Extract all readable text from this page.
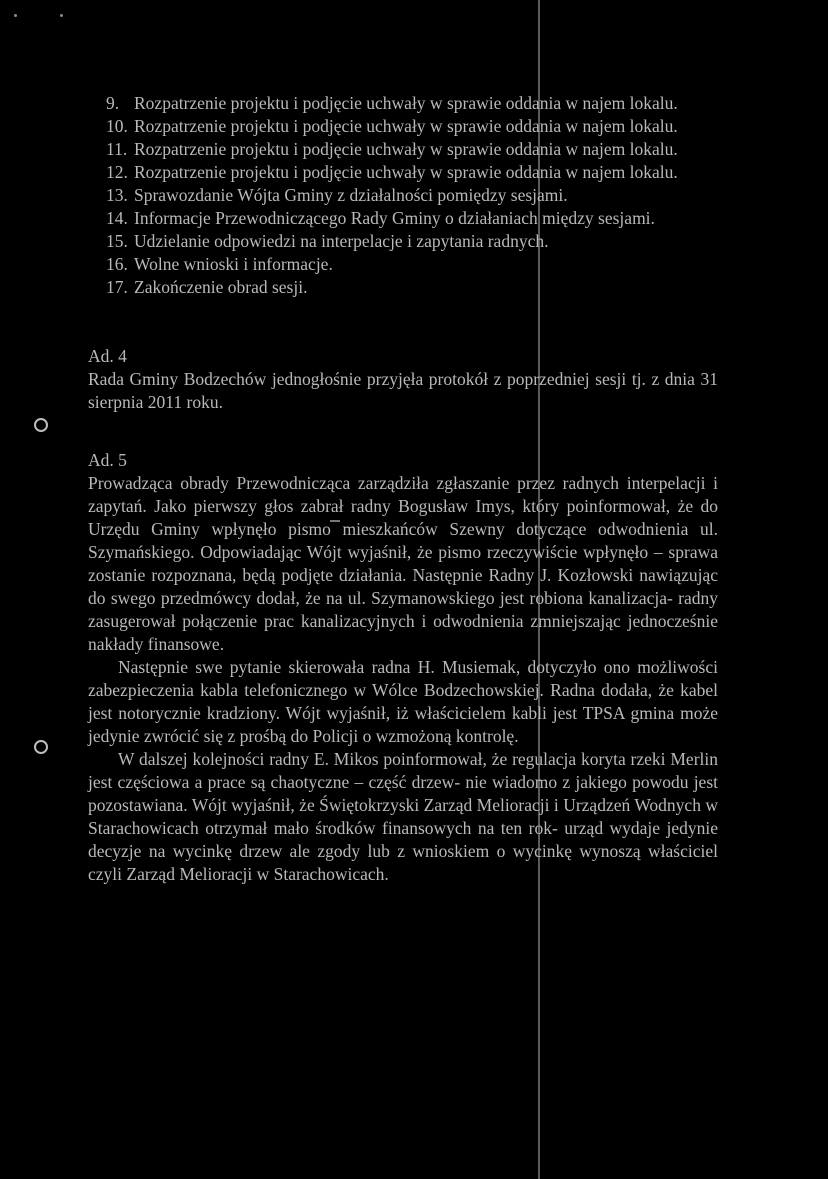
9. Rozpatrzenie projektu i podjęcie uchwały w sprawie oddania w najem lokalu.
10. Rozpatrzenie projektu i podjęcie uchwały w sprawie oddania w najem lokalu.
11. Rozpatrzenie projektu i podjęcie uchwały w sprawie oddania w najem lokalu.
12. Rozpatrzenie projektu i podjęcie uchwały w sprawie oddania w najem lokalu.
13. Sprawozdanie Wójta Gminy z działalności pomiędzy sesjami.
14. Informacje Przewodniczącego Rady Gminy o działaniach między sesjami.
15. Udzielanie odpowiedzi na interpelacje i zapytania radnych.
16. Wolne wnioski i informacje.
17. Zakończenie obrad sesji.
Ad. 4

Rada Gminy Bodzechów jednogłośnie przyjęła protokół z poprzedniej sesji tj. z dnia 31 sierpnia 2011 roku.

Ad. 5

Prowadząca obrady Przewodnicząca zarządziła zgłaszanie przez radnych interpelacji i zapytań. Jako pierwszy głos zabrał radny Bogusław Imys, który poinformował, że do Urzędu Gminy wpłynęło pismo mieszkańców Szewny dotyczące odwodnienia ul. Szymańskiego. Odpowiadając Wójt wyjaśnił, że pismo rzeczywiście wpłynęło – sprawa zostanie rozpoznana, będą podjęte działania. Następnie Radny J. Kozłowski nawiązując do swego przedmówcy dodał, że na ul. Szymanowskiego jest robiona kanalizacja- radny zasugerował połączenie prac kanalizacyjnych i odwodnienia zmniejszając jednocześnie nakłady finansowe.

Następnie swe pytanie skierowała radna H. Musiemak, dotyczyło ono możliwości zabezpieczenia kabla telefonicznego w Wólce Bodzechowskiej. Radna dodała, że kabel jest notorycznie kradziony. Wójt wyjaśnił, iż właścicielem kabli jest TPSA gmina może jedynie zwrócić się z prośbą do Policji o wzmożoną kontrolę.

W dalszej kolejności radny E. Mikos poinformował, że regulacja koryta rzeki Merlin jest częściowa a prace są chaotyczne – część drzew- nie wiadomo z jakiego powodu jest pozostawiana. Wójt wyjaśnił, że Świętokrzyski Zarząd Melioracji i Urządzeń Wodnych w Starachowicach otrzymał mało środków finansowych na ten rok- urząd wydaje jedynie decyzje na wycinkę drzew ale zgody lub z wnioskiem o wycinkę wynoszą właściciel czyli Zarząd Melioracji w Starachowicach.
